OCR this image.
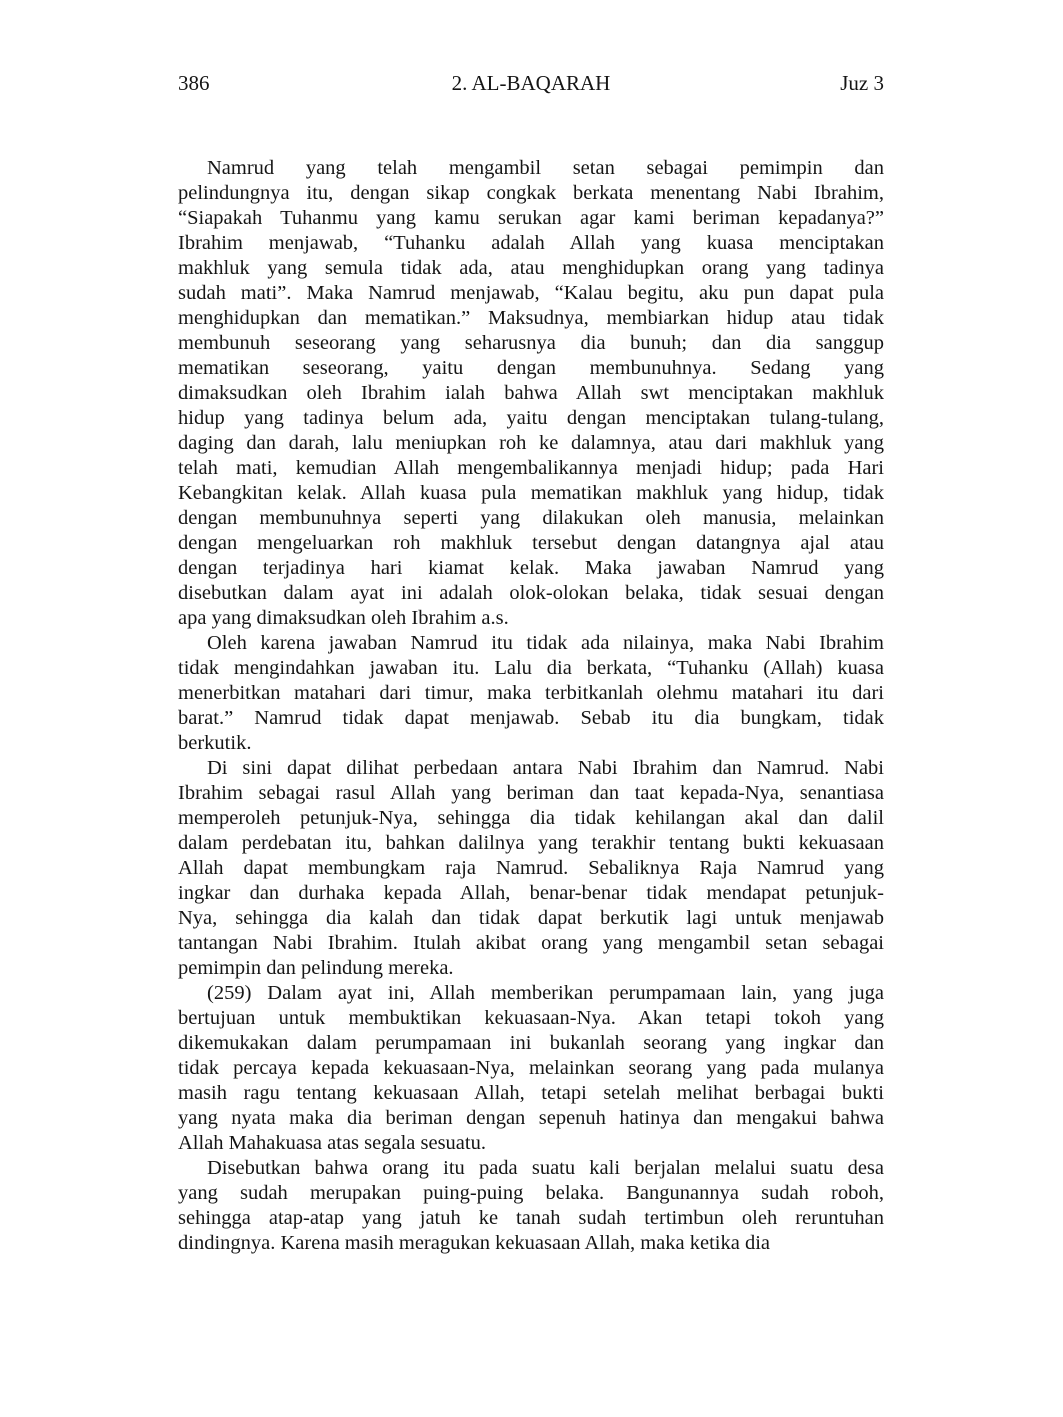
386	2. AL-BAQARAH	Juz 3

Namrud yang telah mengambil setan sebagai pemimpin dan
pelindungnya itu, dengan sikap congkak berkata menentang Nabi Ibrahim,
“Siapakah Tuhanmu yang kamu serukan agar kami beriman kepadanya?”
Ibrahim menjawab, “Tuhanku adalah Allah yang kuasa menciptakan
makhluk yang semula tidak ada, atau menghidupkan orang yang tadinya
sudah mati”. Maka Namrud menjawab, “Kalau begitu, aku pun dapat pula
menghidupkan dan mematikan.” Maksudnya, membiarkan hidup atau tidak
membunuh seseorang yang seharusnya dia bunuh; dan dia sanggup
mematikan seseorang, yaitu dengan membunuhnya. Sedang yang
dimaksudkan oleh Ibrahim ialah bahwa Allah swt menciptakan makhluk
hidup yang tadinya belum ada, yaitu dengan menciptakan tulang-tulang,
daging dan darah, lalu meniupkan roh ke dalamnya, atau dari makhluk yang
telah mati, kemudian Allah mengembalikannya menjadi hidup; pada Hari
Kebangkitan kelak. Allah kuasa pula mematikan makhluk yang hidup, tidak
dengan membunuhnya seperti yang dilakukan oleh manusia, melainkan
dengan mengeluarkan roh makhluk tersebut dengan datangnya ajal atau
dengan terjadinya hari kiamat kelak. Maka jawaban Namrud yang
disebutkan dalam ayat ini adalah olok-olokan belaka, tidak sesuai dengan
apa yang dimaksudkan oleh Ibrahim a.s.

Oleh karena jawaban Namrud itu tidak ada nilainya, maka Nabi Ibrahim
tidak mengindahkan jawaban itu. Lalu dia berkata, “Tuhanku (Allah) kuasa
menerbitkan matahari dari timur, maka terbitkanlah olehmu matahari itu dari
barat.” Namrud tidak dapat menjawab. Sebab itu dia bungkam, tidak
berkutik.

Di sini dapat dilihat perbedaan antara Nabi Ibrahim dan Namrud. Nabi
Ibrahim sebagai rasul Allah yang beriman dan taat kepada-Nya, senantiasa
memperoleh petunjuk-Nya, sehingga dia tidak kehilangan akal dan dalil
dalam perdebatan itu, bahkan dalilnya yang terakhir tentang bukti kekuasaan
Allah dapat membungkam raja Namrud. Sebaliknya Raja Namrud yang
ingkar dan durhaka kepada Allah, benar-benar tidak mendapat petunjuk-
Nya, sehingga dia kalah dan tidak dapat berkutik lagi untuk menjawab
tantangan Nabi Ibrahim. Itulah akibat orang yang mengambil setan sebagai
pemimpin dan pelindung mereka.

(259) Dalam ayat ini, Allah memberikan perumpamaan lain, yang juga
bertujuan untuk membuktikan kekuasaan-Nya. Akan tetapi tokoh yang
dikemukakan dalam perumpamaan ini bukanlah seorang yang ingkar dan
tidak percaya kepada kekuasaan-Nya, melainkan seorang yang pada mulanya
masih ragu tentang kekuasaan Allah, tetapi setelah melihat berbagai bukti
yang nyata maka dia beriman dengan sepenuh hatinya dan mengakui bahwa
Allah Mahakuasa atas segala sesuatu.

Disebutkan bahwa orang itu pada suatu kali berjalan melalui suatu desa
yang sudah merupakan puing-puing belaka. Bangunannya sudah roboh,
sehingga atap-atap yang jatuh ke tanah sudah tertimbun oleh reruntuhan
dindingnya. Karena masih meragukan kekuasaan Allah, maka ketika dia
